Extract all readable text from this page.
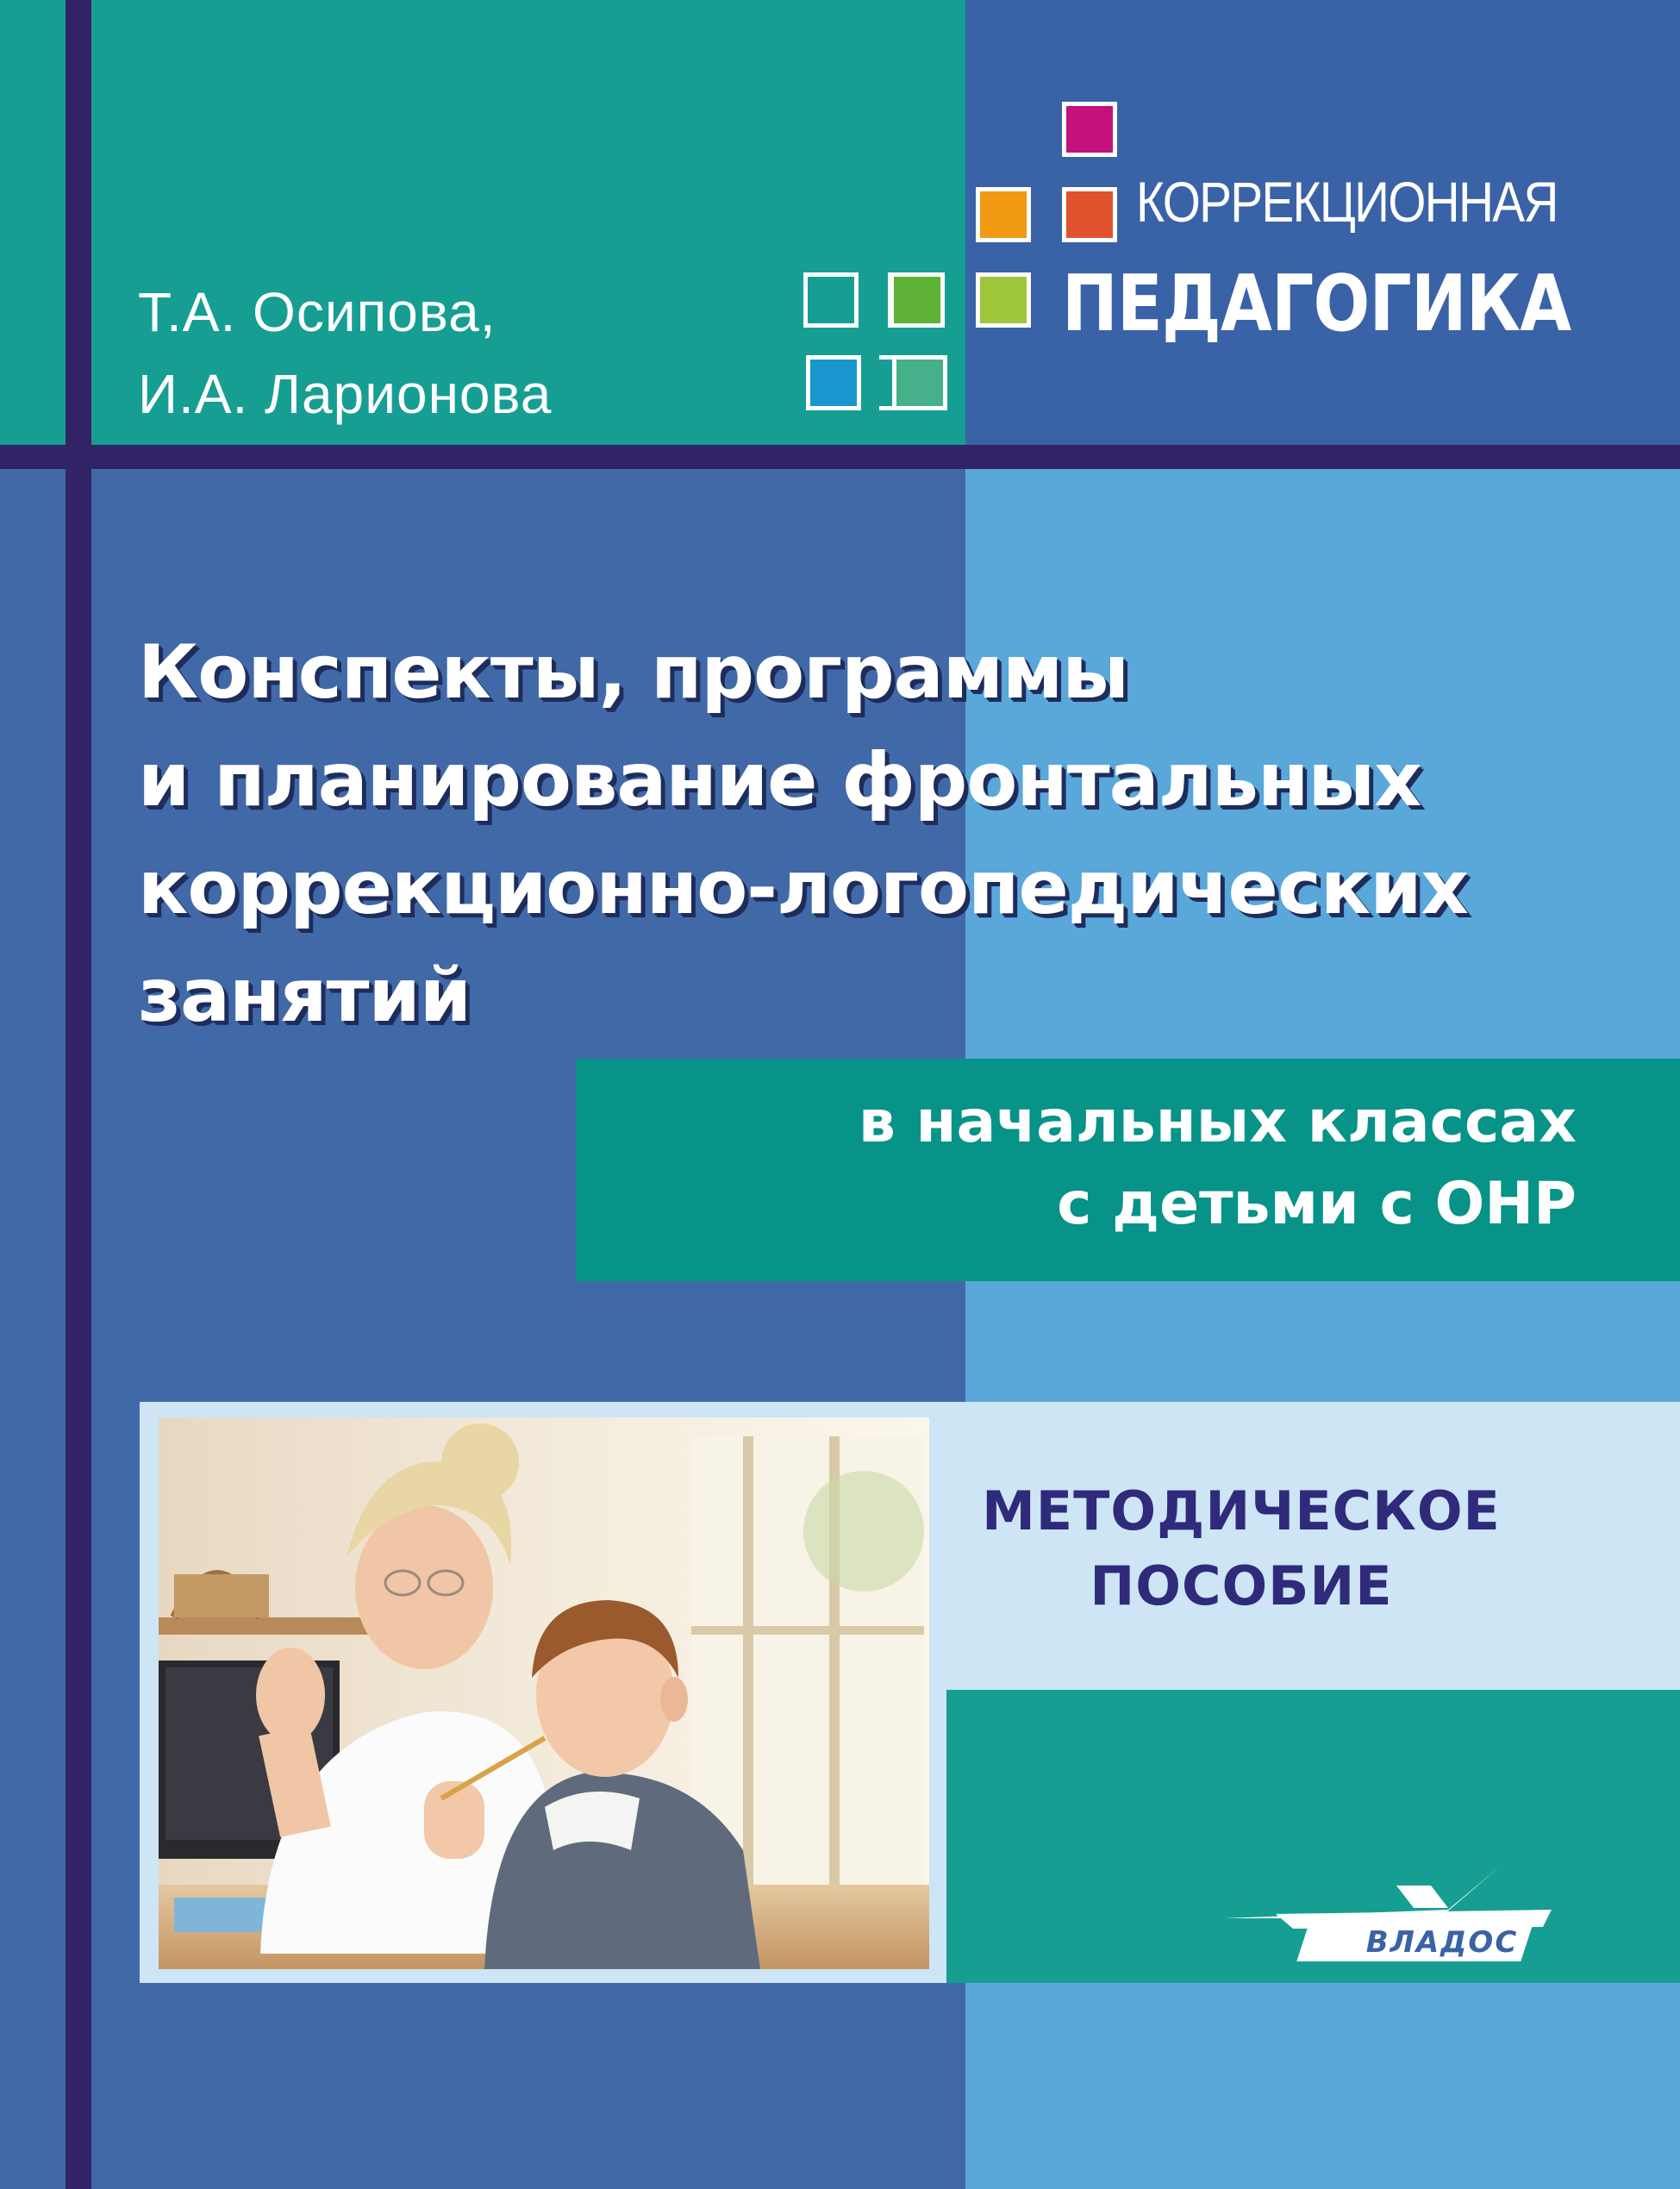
Т.А. Осипова,
И.А. Ларионова
КОРРЕКЦИОННАЯ
ПЕДАГОГИКА
Конспекты, программы
и планирование фронтальных
коррекционно-логопедических
занятий
в начальных классах
с детьми с ОНР
МЕТОДИЧЕСКОЕ
ПОСОБИЕ
ВЛАДОС
